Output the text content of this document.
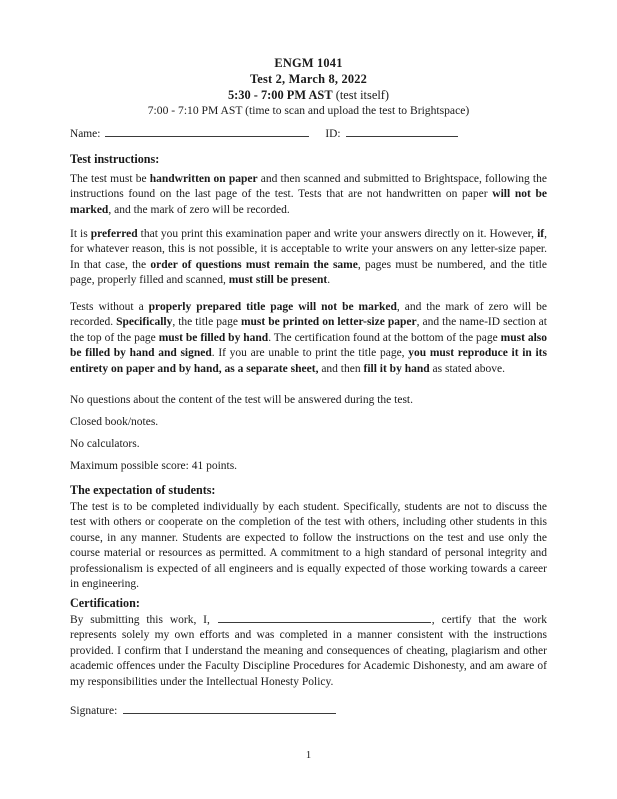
ENGM 1041
Test 2, March 8, 2022
5:30 - 7:00 PM AST (test itself)
7:00 - 7:10 PM AST (time to scan and upload the test to Brightspace)
Name:	ID:
Test instructions:

The test must be handwritten on paper and then scanned and submitted to Brightspace, following the instructions found on the last page of the test. Tests that are not handwritten on paper will not be marked, and the mark of zero will be recorded.

It is preferred that you print this examination paper and write your answers directly on it. However, if, for whatever reason, this is not possible, it is acceptable to write your answers on any letter-size paper. In that case, the order of questions must remain the same, pages must be numbered, and the title page, properly filled and scanned, must still be present.

Tests without a properly prepared title page will not be marked, and the mark of zero will be recorded. Specifically, the title page must be printed on letter-size paper, and the name-ID section at the top of the page must be filled by hand. The certification found at the bottom of the page must also be filled by hand and signed. If you are unable to print the title page, you must reproduce it in its entirety on paper and by hand, as a separate sheet, and then fill it by hand as stated above.

No questions about the content of the test will be answered during the test.

Closed book/notes.

No calculators.

Maximum possible score: 41 points.

The expectation of students:

The test is to be completed individually by each student. Specifically, students are not to discuss the test with others or cooperate on the completion of the test with others, including other students in this course, in any manner. Students are expected to follow the instructions on the test and use only the course material or resources as permitted. A commitment to a high standard of personal integrity and professionalism is expected of all engineers and is equally expected of those working towards a career in engineering.

Certification:

By submitting this work, I,	, certify that the work represents solely my own efforts and was completed in a manner consistent with the instructions provided. I confirm that I understand the meaning and consequences of cheating, plagiarism and other academic offences under the Faculty Discipline Procedures for Academic Dishonesty, and am aware of my responsibilities under the Intellectual Honesty Policy.

Signature:
1
